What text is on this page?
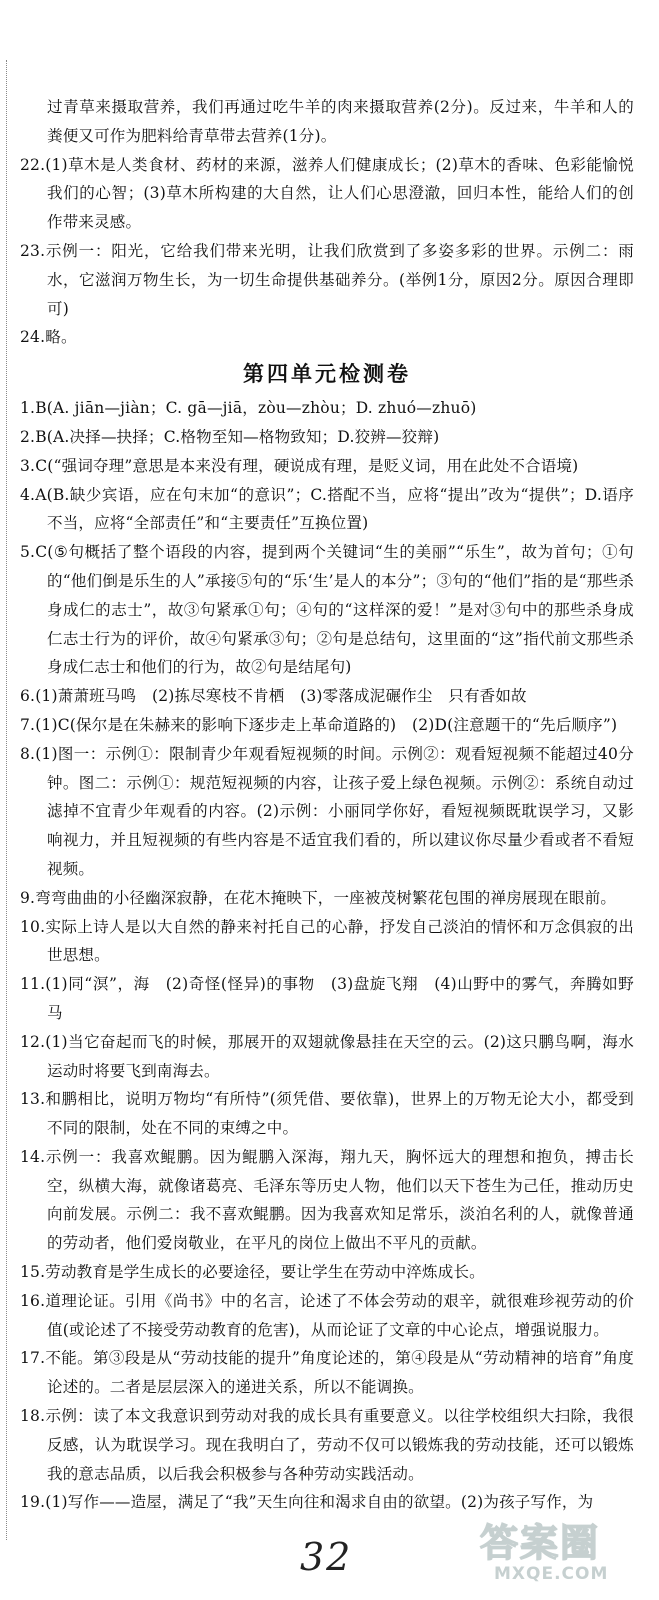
过青草来摄取营养，我们再通过吃牛羊的肉来摄取营养(2分)。反过来，牛羊和人的粪便又可作为肥料给青草带去营养(1分)。

22.(1)草木是人类食材、药材的来源，滋养人们健康成长；(2)草木的香味、色彩能愉悦我们的心智；(3)草木所构建的大自然，让人们心思澄澈，回归本性，能给人们的创作带来灵感。

23.示例一：阳光，它给我们带来光明，让我们欣赏到了多姿多彩的世界。示例二：雨水，它滋润万物生长，为一切生命提供基础养分。(举例1分，原因2分。原因合理即可)

24.略。

第四单元检测卷

1.B(A. jiān—jiàn；C. gā—jiā，zòu—zhòu；D. zhuó—zhuō)

2.B(A.决择—抉择；C.格物至知—格物致知；D.狡辨—狡辩)

3.C(“强词夺理”意思是本来没有理，硬说成有理，是贬义词，用在此处不合语境)

4.A(B.缺少宾语，应在句末加“的意识”；C.搭配不当，应将“提出”改为“提供”；D.语序不当，应将“全部责任”和“主要责任”互换位置)

5.C(⑤句概括了整个语段的内容，提到两个关键词“生的美丽”“乐生”，故为首句；①句的“他们倒是乐生的人”承接⑤句的“乐‘生’是人的本分”；③句的“他们”指的是“那些杀身成仁的志士”，故③句紧承①句；④句的“这样深的爱！”是对③句中的那些杀身成仁志士行为的评价，故④句紧承③句；②句是总结句，这里面的“这”指代前文那些杀身成仁志士和他们的行为，故②句是结尾句)

6.(1)萧萧班马鸣　(2)拣尽寒枝不肯栖　(3)零落成泥碾作尘　只有香如故

7.(1)C(保尔是在朱赫来的影响下逐步走上革命道路的)　(2)D(注意题干的“先后顺序”)

8.(1)图一：示例①：限制青少年观看短视频的时间。示例②：观看短视频不能超过40分钟。图二：示例①：规范短视频的内容，让孩子爱上绿色视频。示例②：系统自动过滤掉不宜青少年观看的内容。(2)示例：小丽同学你好，看短视频既耽误学习，又影响视力，并且短视频的有些内容是不适宜我们看的，所以建议你尽量少看或者不看短视频。

9.弯弯曲曲的小径幽深寂静，在花木掩映下，一座被茂树繁花包围的禅房展现在眼前。

10.实际上诗人是以大自然的静来衬托自己的心静，抒发自己淡泊的情怀和万念俱寂的出世思想。

11.(1)同“溟”，海　(2)奇怪(怪异)的事物　(3)盘旋飞翔　(4)山野中的雾气，奔腾如野马

12.(1)当它奋起而飞的时候，那展开的双翅就像悬挂在天空的云。(2)这只鹏鸟啊，海水运动时将要飞到南海去。

13.和鹏相比，说明万物均“有所恃”(须凭借、要依靠)，世界上的万物无论大小，都受到不同的限制，处在不同的束缚之中。

14.示例一：我喜欢鲲鹏。因为鲲鹏入深海，翔九天，胸怀远大的理想和抱负，搏击长空，纵横大海，就像诸葛亮、毛泽东等历史人物，他们以天下苍生为己任，推动历史向前发展。示例二：我不喜欢鲲鹏。因为我喜欢知足常乐，淡泊名利的人，就像普通的劳动者，他们爱岗敬业，在平凡的岗位上做出不平凡的贡献。

15.劳动教育是学生成长的必要途径，要让学生在劳动中淬炼成长。

16.道理论证。引用《尚书》中的名言，论述了不体会劳动的艰辛，就很难珍视劳动的价值(或论述了不接受劳动教育的危害)，从而论证了文章的中心论点，增强说服力。

17.不能。第③段是从“劳动技能的提升”角度论述的，第④段是从“劳动精神的培育”角度论述的。二者是层层深入的递进关系，所以不能调换。

18.示例：读了本文我意识到劳动对我的成长具有重要意义。以往学校组织大扫除，我很反感，认为耽误学习。现在我明白了，劳动不仅可以锻炼我的劳动技能，还可以锻炼我的意志品质，以后我会积极参与各种劳动实践活动。

19.(1)写作——造屋，满足了“我”天生向往和渴求自由的欲望。(2)为孩子写作，为

32	答案圈
MXQE.COM
